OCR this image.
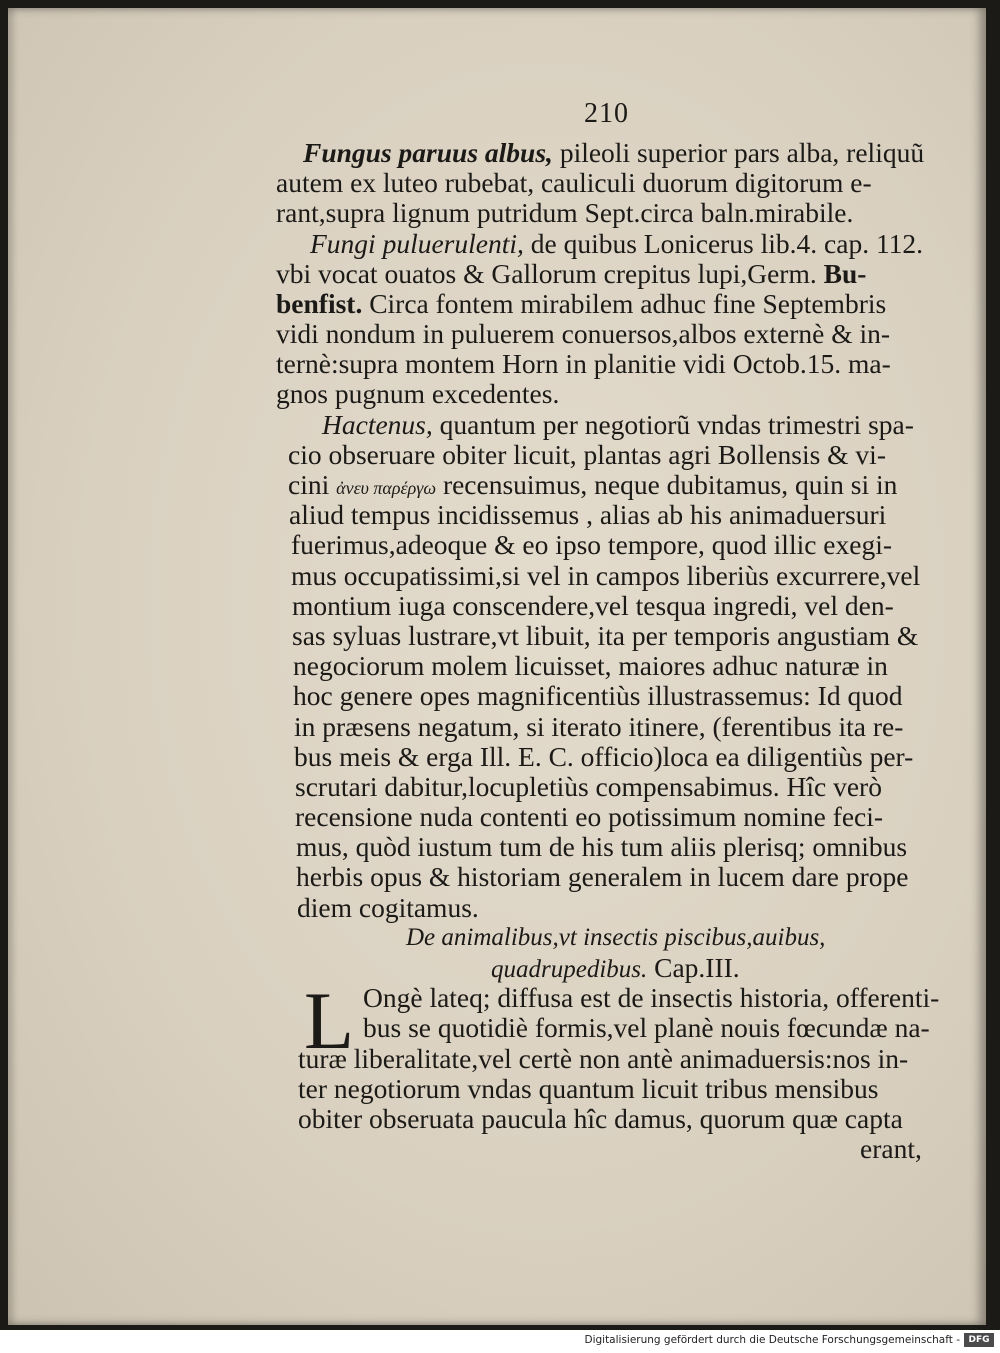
210
Fungus paruus albus, pileoli superior pars alba, reliquũ
autem ex luteo rubebat, cauliculi duorum digitorum e-
rant,supra lignum putridum Sept.circa baln.mirabile.
Fungi puluerulenti, de quibus Lonicerus lib.4. cap. 112.
vbi vocat ouatos & Gallorum crepitus lupi,Germ. Bu-
benfist. Circa fontem mirabilem adhuc fine Septembris
vidi nondum in puluerem conuersos,albos externè & in-
ternè:supra montem Horn in planitie vidi Octob.15. ma-
gnos pugnum excedentes.
Hactenus, quantum per negotiorũ vndas trimestri spa-
cio obseruare obiter licuit, plantas agri Bollensis & vi-
cini ἀνευ παρέργω recensuimus, neque dubitamus, quin si in
aliud tempus incidissemus , alias ab his animaduersuri
fuerimus,adeoque & eo ipso tempore, quod illic exegi-
mus occupatissimi,si vel in campos liberiùs excurrere,vel
montium iuga conscendere,vel tesqua ingredi, vel den-
sas syluas lustrare,vt libuit, ita per temporis angustiam &
negociorum molem licuisset, maiores adhuc naturæ in
hoc genere opes magnificentiùs illustrassemus: Id quod
in præsens negatum, si iterato itinere, (ferentibus ita re-
bus meis & erga Ill. E. C. officio)loca ea diligentiùs per-
scrutari dabitur,locupletiùs compensabimus. Hîc verò
recensione nuda contenti eo potissimum nomine feci-
mus, quòd iustum tum de his tum aliis plerisq; omnibus
herbis opus & historiam generalem in lucem dare prope
diem cogitamus.
De animalibus,vt insectis piscibus,auibus,
quadrupedibus. Cap.III.
L Ongè lateq; diffusa est de insectis historia, offerenti-
bus se quotidiè formis,vel planè nouis fœcundæ na-
turæ liberalitate,vel certè non antè animaduersis:nos in-
ter negotiorum vndas quantum licuit tribus mensibus
obiter obseruata paucula hîc damus, quorum quæ capta
erant,
Digitalisierung gefördert durch die Deutsche Forschungsgemeinschaft - DFG
